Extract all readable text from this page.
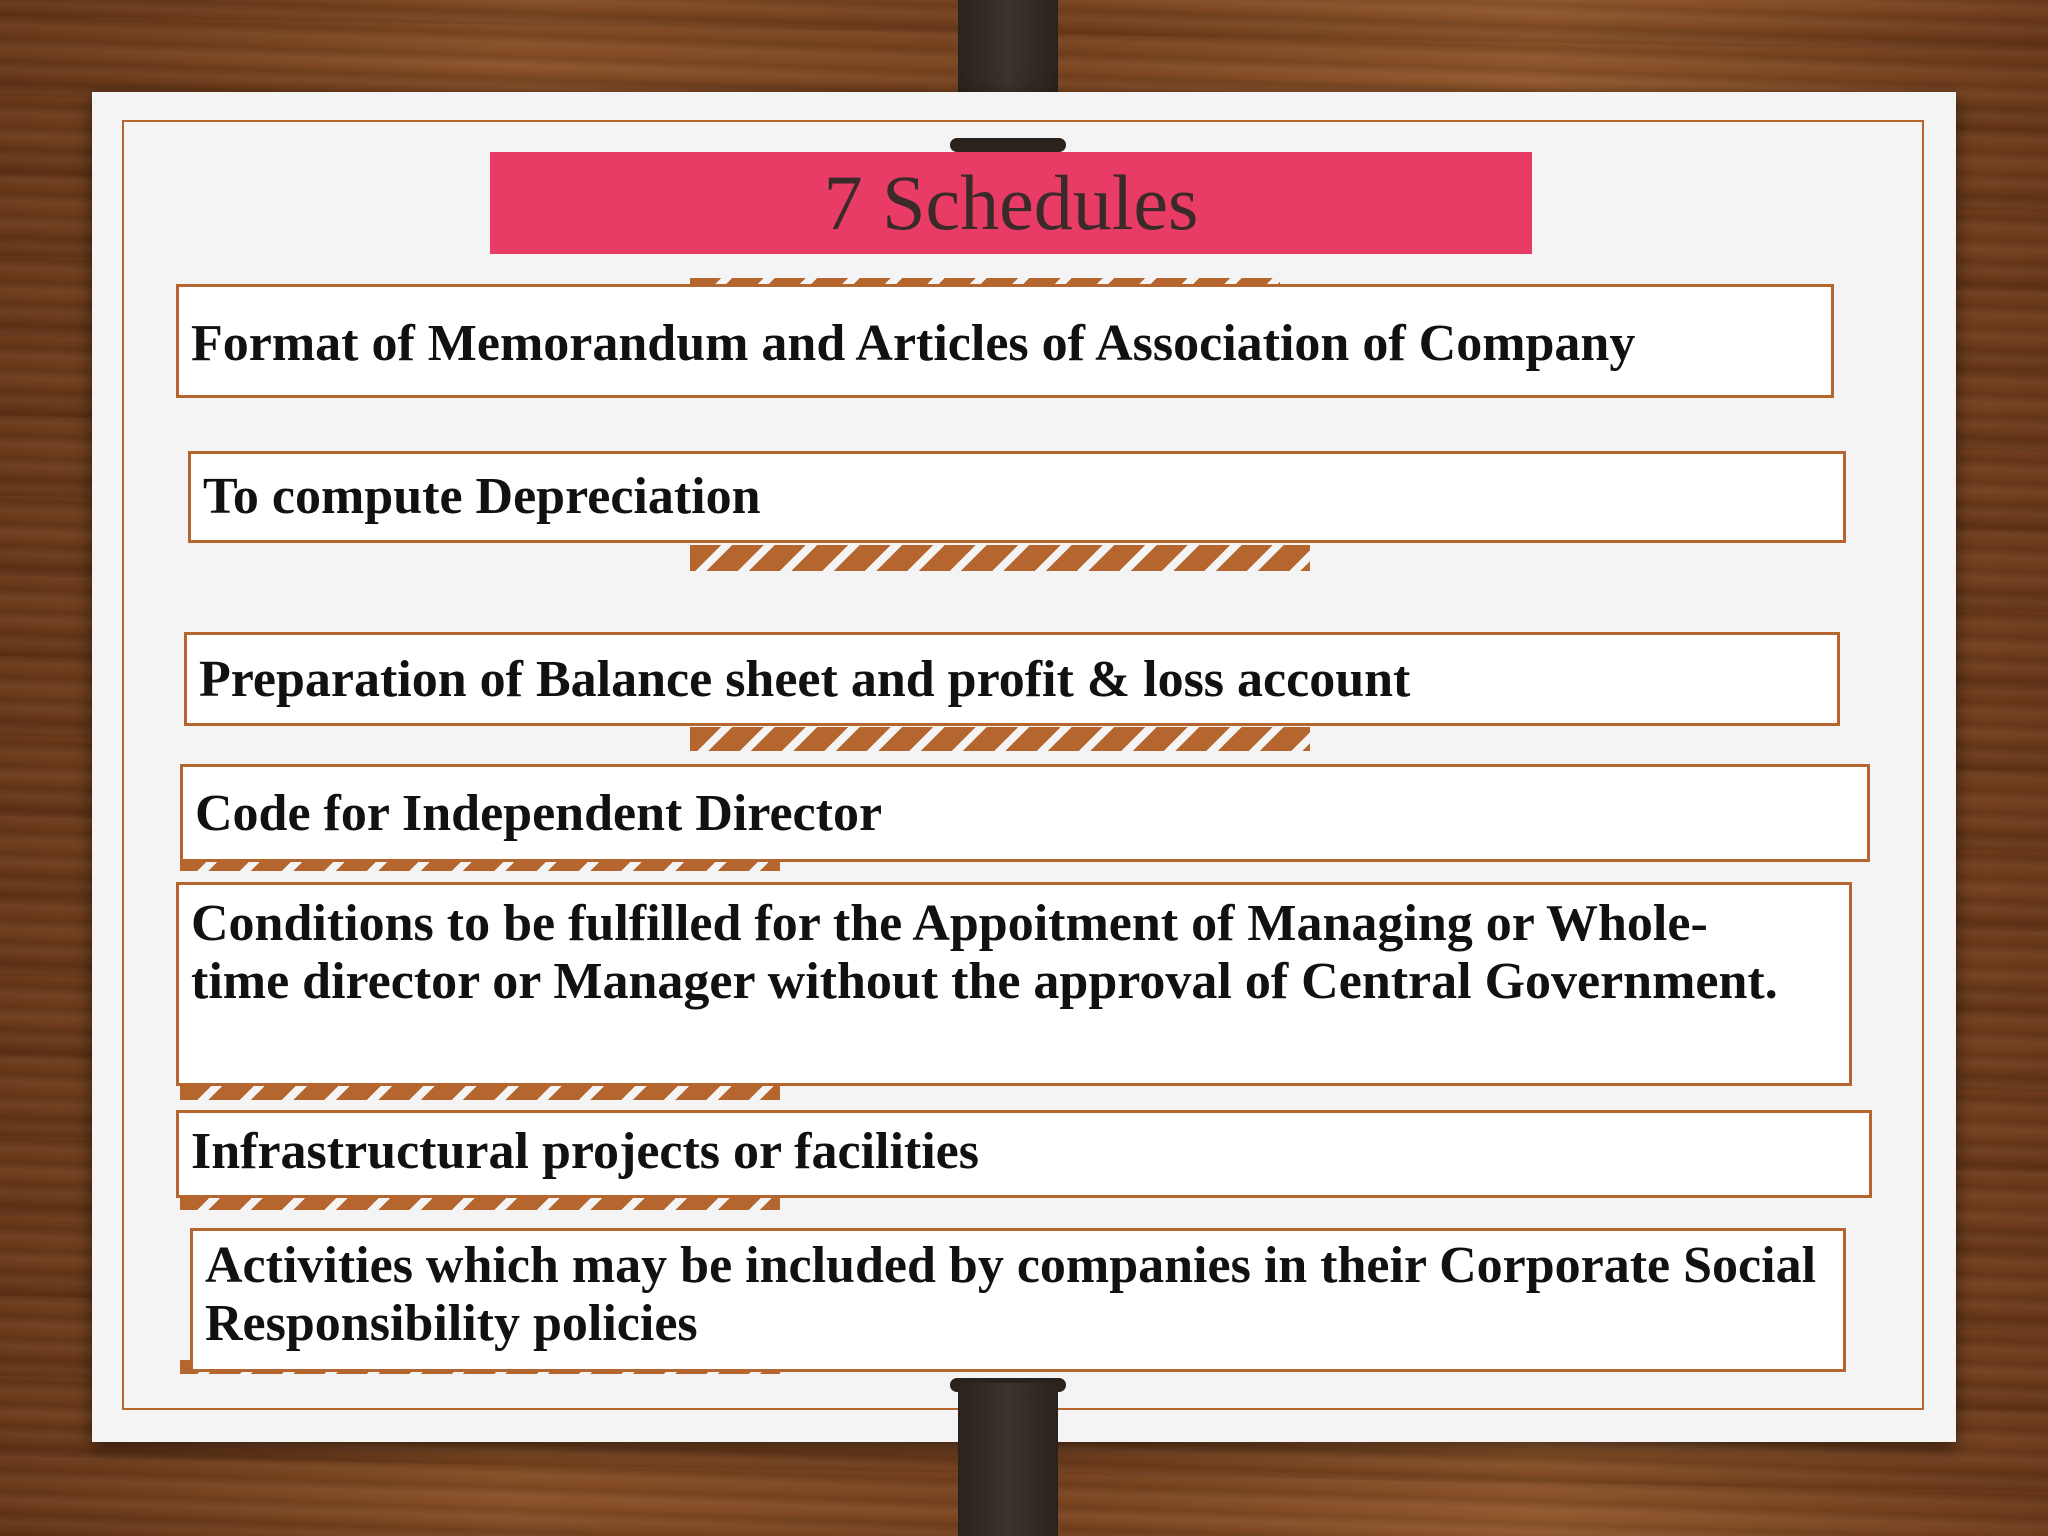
7 Schedules
Format of Memorandum and Articles of Association of Company
To compute Depreciation
Preparation of Balance sheet and profit & loss account
Code for Independent Director
Conditions to be fulfilled for the Appoitment of Managing or Whole-time director or Manager without the approval of Central Government.
Infrastructural projects or facilities
Activities which may be included by companies in their Corporate Social Responsibility policies
